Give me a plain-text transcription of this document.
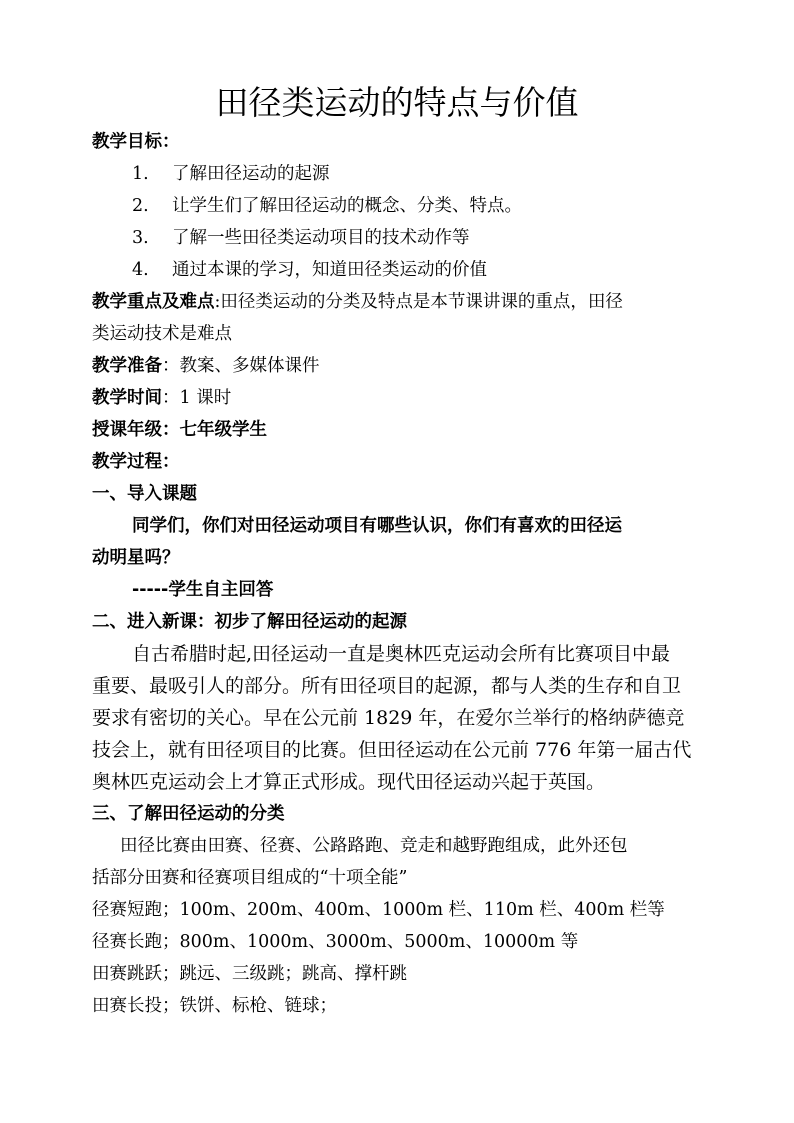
田径类运动的特点与价值
教学目标：
1. 了解田径运动的起源
2. 让学生们了解田径运动的概念、分类、特点。
3. 了解一些田径类运动项目的技术动作等
4. 通过本课的学习，知道田径类运动的价值
教学重点及难点:田径类运动的分类及特点是本节课讲课的重点，田径
类运动技术是难点
教学准备：教案、多媒体课件
教学时间：1 课时
授课年级：七年级学生
教学过程：
一、导入课题
同学们，你们对田径运动项目有哪些认识，你们有喜欢的田径运
动明星吗？
-----学生自主回答
二、进入新课：初步了解田径运动的起源
自古希腊时起,田径运动一直是奥林匹克运动会所有比赛项目中最
重要、最吸引人的部分。所有田径项目的起源，都与人类的生存和自卫
要求有密切的关心。早在公元前 1829 年，在爱尔兰举行的格纳萨德竞
技会上，就有田径项目的比赛。但田径运动在公元前 776 年第一届古代
奥林匹克运动会上才算正式形成。现代田径运动兴起于英国。
三、了解田径运动的分类
田径比赛由田赛、径赛、公路路跑、竞走和越野跑组成，此外还包
括部分田赛和径赛项目组成的“十项全能”
径赛短跑；100m、200m、400m、1000m 栏、110m 栏、400m 栏等
径赛长跑；800m、1000m、3000m、5000m、10000m 等
田赛跳跃；跳远、三级跳；跳高、撑杆跳
田赛长投；铁饼、标枪、链球；
